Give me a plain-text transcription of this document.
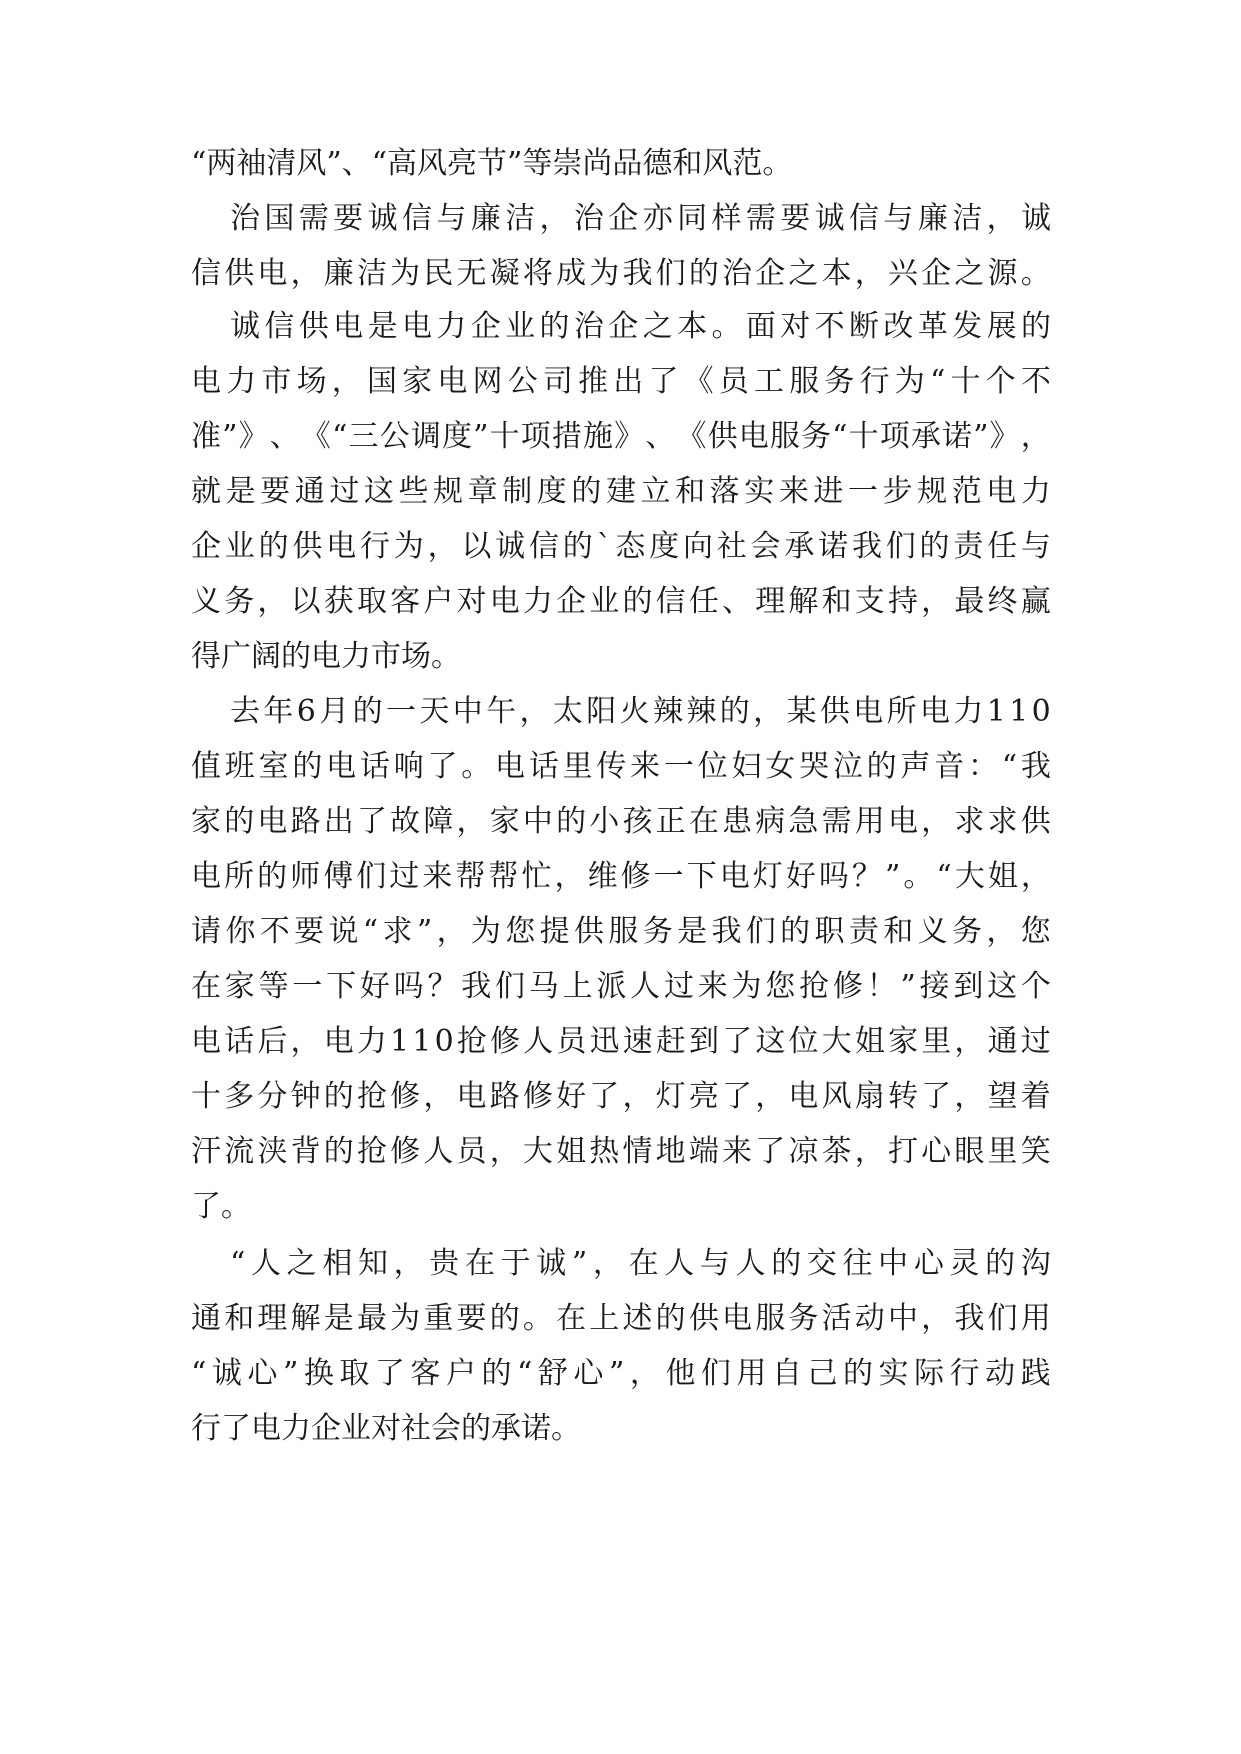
“两袖清风”、“高风亮节”等崇尚品德和风范。
治 国 需 要 诚 信 与 廉 洁 ， 治 企 亦 同 样 需 要 诚 信 与 廉 洁 ， 诚
信 供 电 ， 廉 洁 为 民 无 凝 将 成 为 我 们 的 治 企 之 本 ， 兴 企 之 源 。
诚 信 供 电 是 电 力 企 业 的 治 企 之 本 。 面 对 不 断 改 革 发 展 的
电 力 市 场 ， 国 家 电 网 公 司 推 出 了 《 员 工 服 务 行 为 “ 十 个 不
准 ” 》 、 《 “ 三 公 调 度 ” 十 项 措 施 》 、 《 供 电 服 务 “ 十 项 承 诺 ” 》 ，
就 是 要 通 过 这 些 规 章 制 度 的 建 立 和 落 实 来 进 一 步 规 范 电 力
企 业 的 供 电 行 为 ， 以 诚 信 的 ` 态 度 向 社 会 承 诺 我 们 的 责 任 与
义 务 ， 以 获 取 客 户 对 电 力 企 业 的 信 任 、 理 解 和 支 持 ， 最 终 赢
得广阔的电力市场。
去 年 6 月 的 一 天 中 午 ， 太 阳 火 辣 辣 的 ， 某 供 电 所 电 力 1 1 0
值 班 室 的 电 话 响 了 。 电 话 里 传 来 一 位 妇 女 哭 泣 的 声 音 ： “ 我
家 的 电 路 出 了 故 障 ， 家 中 的 小 孩 正 在 患 病 急 需 用 电 ， 求 求 供
电 所 的 师 傅 们 过 来 帮 帮 忙 ， 维 修 一 下 电 灯 好 吗 ？ ” 。 “ 大 姐 ，
请 你 不 要 说 “ 求 ” ， 为 您 提 供 服 务 是 我 们 的 职 责 和 义 务 ， 您
在 家 等 一 下 好 吗 ？ 我 们 马 上 派 人 过 来 为 您 抢 修 ！ ” 接 到 这 个
电 话 后 ， 电 力 1 1 0 抢 修 人 员 迅 速 赶 到 了 这 位 大 姐 家 里 ， 通 过
十 多 分 钟 的 抢 修 ， 电 路 修 好 了 ， 灯 亮 了 ， 电 风 扇 转 了 ， 望 着
汗 流 浃 背 的 抢 修 人 员 ， 大 姐 热 情 地 端 来 了 凉 茶 ， 打 心 眼 里 笑
了。
“ 人 之 相 知 ， 贵 在 于 诚 ” ， 在 人 与 人 的 交 往 中 心 灵 的 沟
通 和 理 解 是 最 为 重 要 的 。 在 上 述 的 供 电 服 务 活 动 中 ， 我 们 用
“ 诚 心 ” 换 取 了 客 户 的 “ 舒 心 ” ， 他 们 用 自 己 的 实 际 行 动 践
行了电力企业对社会的承诺。
